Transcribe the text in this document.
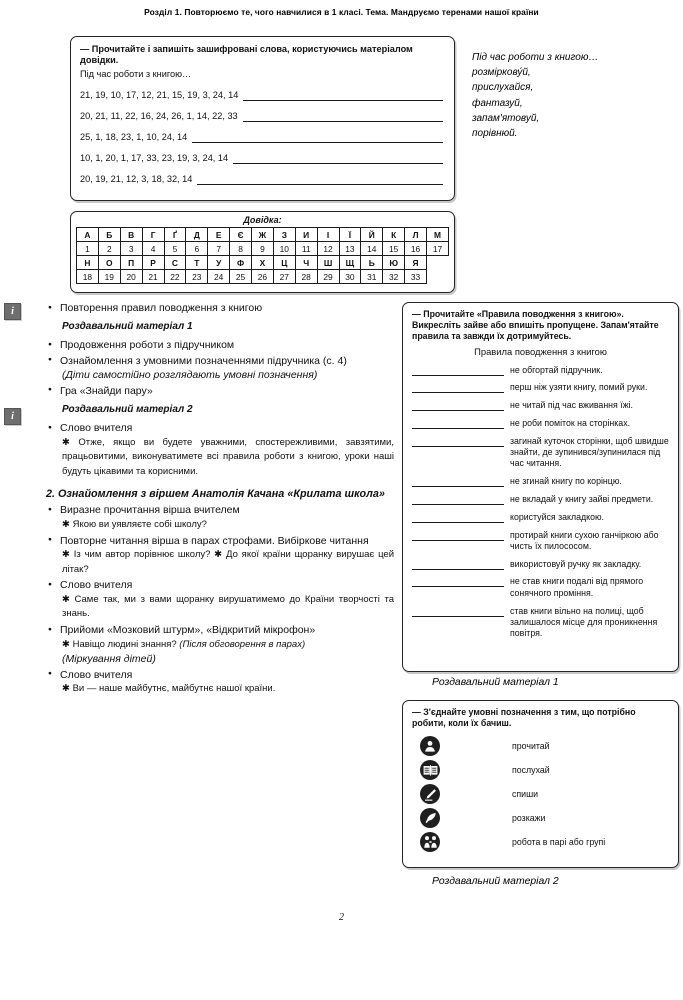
Розділ 1. Повторюємо те, чого навчилися в 1 класі. Тема. Мандруємо теренами нашої країни
— Прочитайте і запишіть зашифровані слова, користуючись матеріалом довідки.
Під час роботи з книгою…
21, 19, 10, 17, 12, 21, 15, 19, 3, 24, 14
20, 21, 11, 22, 16, 24, 26, 1, 14, 22, 33
25, 1, 18, 23, 1, 10, 24, 14
10, 1, 20, 1, 17, 33, 23, 19, 3, 24, 14
20, 19, 21, 12, 3, 18, 32, 14
Довідка:
А	Б	В	Г	Ґ	Д	Е	Є	Ж	З	И	І	Ї	Й	К	Л	М
1	2	3	4	5	6	7	8	9	10	11	12	13	14	15	16	17
Н	О	П	Р	С	Т	У	Ф	Х	Ц	Ч	Ш	Щ	Ь	Ю	Я	
18	19	20	21	22	23	24	25	26	27	28	29	30	31	32	33	
Під час роботи з книгою…
розміркову́й,
прислухайся,
фантазуй,
запам'ятовуй,
порівнюй.
i
i
● Повторення правил поводження з книгою
Роздавальний матеріал 1
● Продовження роботи з підручником
● Ознайомлення з умовними позначеннями підручника (с. 4)
(Діти самостійно розглядають умовні позначення)
● Гра «Знайди пару»
Роздавальний матеріал 2
● Слово вчителя
✱ Отже, якщо ви будете уважними, спостережливими, завзятими, працьовитими, виконуватимете всі правила роботи з книгою, уроки наші будуть цікавими та корисними.
2. Ознайомлення з віршем Анатолія Качана «Крилата школа»
● Виразне прочитання вірша вчителем
✱ Якою ви уявляєте собі школу?
● Повторне читання вірша в парах строфами. Вибіркове читання
✱ Із чим автор порівнює школу? ✱ До якої країни щоранку вирушає цей літак?
● Слово вчителя
✱ Саме так, ми з вами щоранку вирушатимемо до Країни творчості та знань.
● Прийоми «Мозковий штурм», «Відкритий мікрофон»
✱ Навіщо людині знання? (Після обговорення в парах)
(Міркування дітей)
● Слово вчителя
✱ Ви — наше майбутнє, майбутнє нашої країни.
— Прочитайте «Правила поводження з книгою». Викресліть зайве або впишіть пропущене. Запам'ятайте правила та завжди їх дотримуйтесь.
Правила поводження з книгою
не обгортай підручник.
перш ніж узяти книгу, помий руки.
не читай під час вживання їжі.
не роби поміток на сторінках.
загинай куточок сторінки, щоб швидше знайти, де зупинився/зупинилася під час читання.
не згинай книгу по корінцю.
не вкладай у книгу зайві предмети.
користуйся закладкою.
протирай книги сухою ганчіркою або чисть їх пилососом.
використовуй ручку як закладку.
не став книги подалі від прямого сонячного проміння.
став книги вільно на полиці, щоб залишалося місце для проникнення повітря.
Роздавальний матеріал 1
— З'єднайте умовні позначення з тим, що потрібно робити, коли їх бачиш.
прочитай
послухай
спиши
розкажи
робота в парі або групі
Роздавальний матеріал 2
2
